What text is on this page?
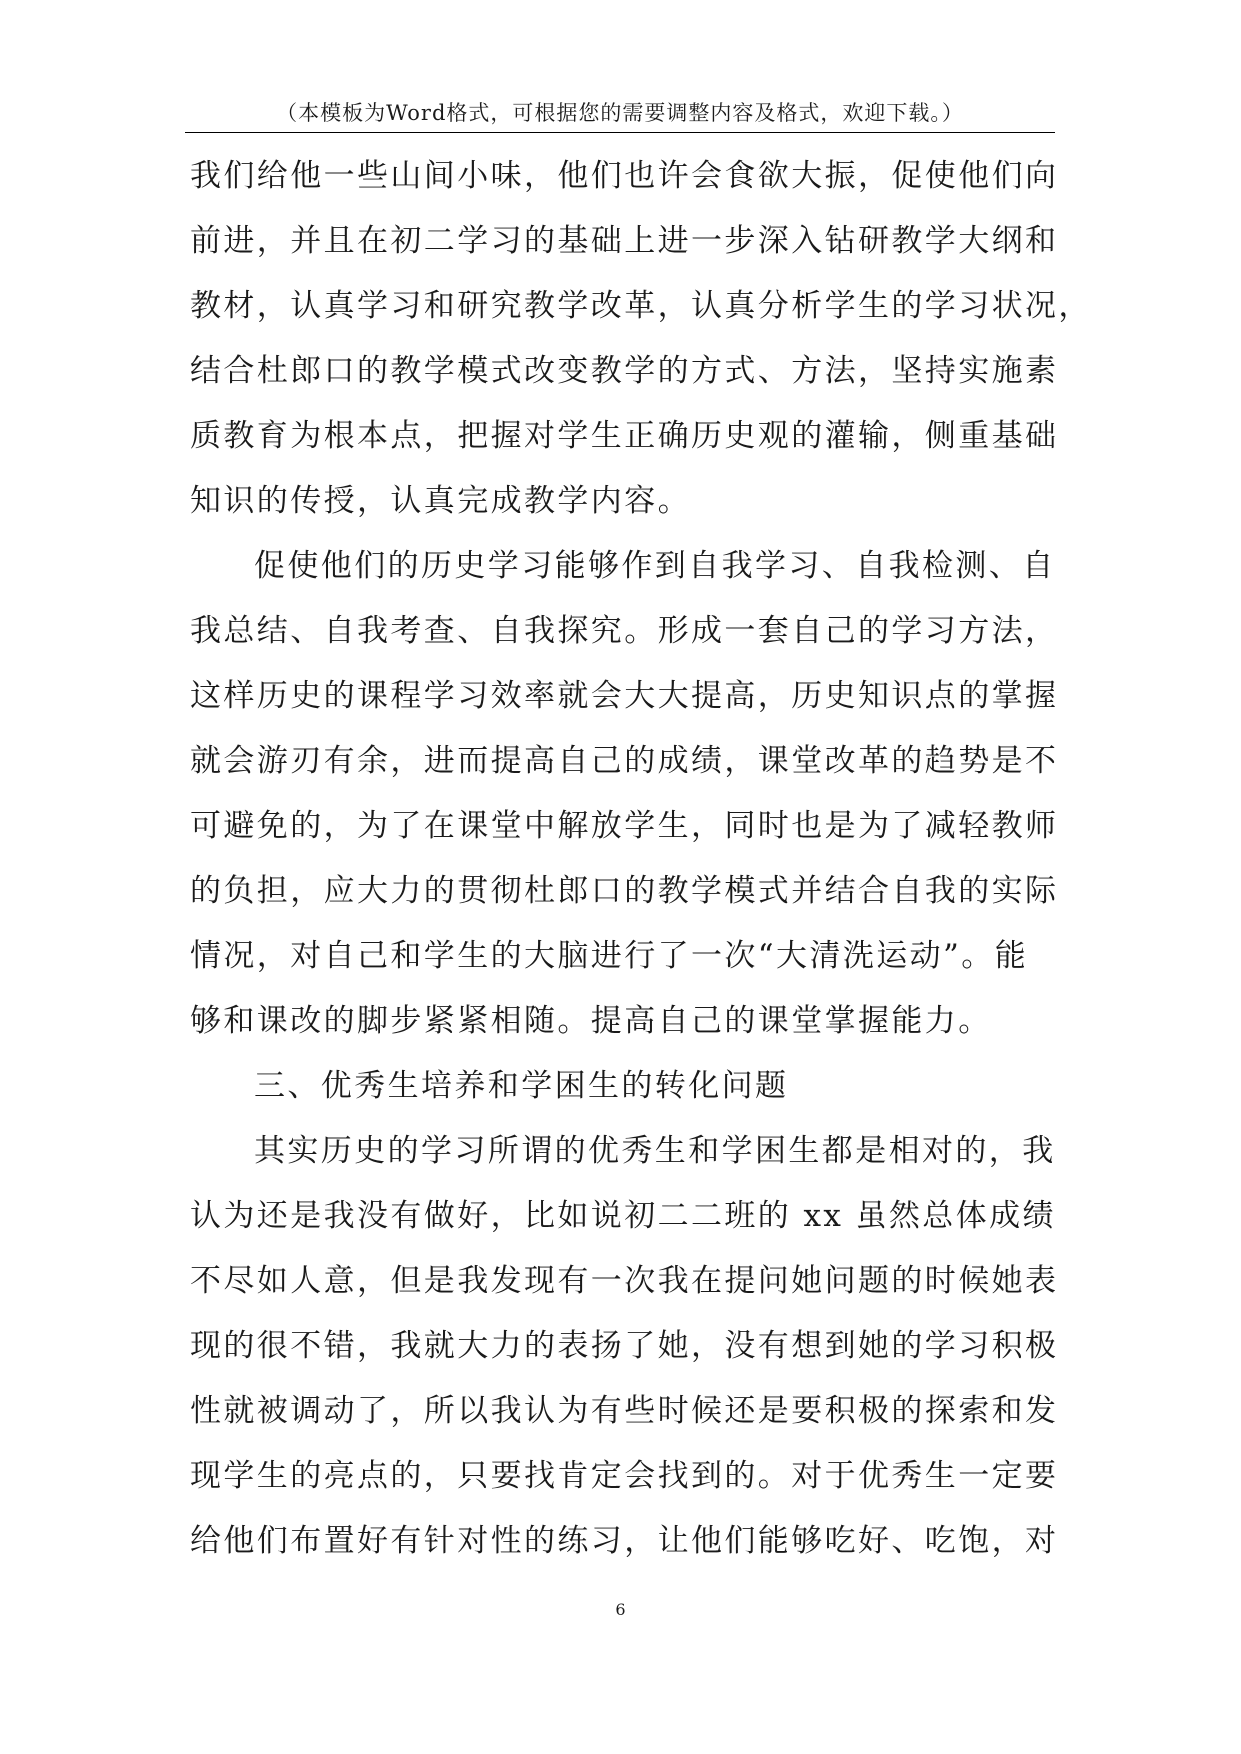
（本模板为Word格式，可根据您的需要调整内容及格式，欢迎下载。）
我们给他一些山间小味，他们也许会食欲大振，促使他们向
前进，并且在初二学习的基础上进一步深入钻研教学大纲和
教材，认真学习和研究教学改革，认真分析学生的学习状况，
结合杜郎口的教学模式改变教学的方式、方法，坚持实施素
质教育为根本点，把握对学生正确历史观的灌输，侧重基础
知识的传授，认真完成教学内容。
促使他们的历史学习能够作到自我学习、自我检测、自
我总结、自我考查、自我探究。形成一套自己的学习方法，
这样历史的课程学习效率就会大大提高，历史知识点的掌握
就会游刃有余，进而提高自己的成绩，课堂改革的趋势是不
可避免的，为了在课堂中解放学生，同时也是为了减轻教师
的负担，应大力的贯彻杜郎口的教学模式并结合自我的实际
情况，对自己和学生的大脑进行了一次“大清洗运动”。能
够和课改的脚步紧紧相随。提高自己的课堂掌握能力。
三、优秀生培养和学困生的转化问题
其实历史的学习所谓的优秀生和学困生都是相对的，我
认为还是我没有做好，比如说初二二班的 xx 虽然总体成绩
不尽如人意，但是我发现有一次我在提问她问题的时候她表
现的很不错，我就大力的表扬了她，没有想到她的学习积极
性就被调动了，所以我认为有些时候还是要积极的探索和发
现学生的亮点的，只要找肯定会找到的。对于优秀生一定要
给他们布置好有针对性的练习，让他们能够吃好、吃饱，对
6
